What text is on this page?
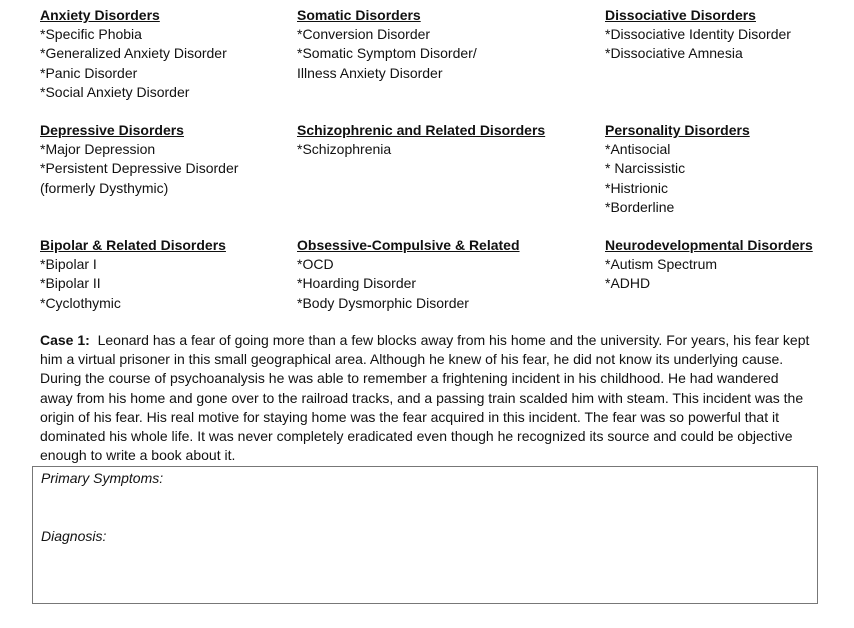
Anxiety Disorders
*Specific Phobia
*Generalized Anxiety Disorder
*Panic Disorder
*Social Anxiety Disorder
Somatic Disorders
*Conversion Disorder
*Somatic Symptom Disorder/
Illness Anxiety Disorder
Dissociative Disorders
*Dissociative Identity Disorder
*Dissociative Amnesia
Depressive Disorders
*Major Depression
*Persistent Depressive Disorder
(formerly Dysthymic)
Schizophrenic and Related Disorders
*Schizophrenia
Personality Disorders
*Antisocial
* Narcissistic
*Histrionic
*Borderline
Bipolar & Related Disorders
*Bipolar I
*Bipolar II
*Cyclothymic
Obsessive-Compulsive & Related
*OCD
*Hoarding Disorder
*Body Dysmorphic Disorder
Neurodevelopmental Disorders
*Autism Spectrum
*ADHD
Case 1: Leonard has a fear of going more than a few blocks away from his home and the university. For years, his fear kept him a virtual prisoner in this small geographical area. Although he knew of his fear, he did not know its underlying cause. During the course of psychoanalysis he was able to remember a frightening incident in his childhood. He had wandered away from his home and gone over to the railroad tracks, and a passing train scalded him with steam. This incident was the origin of his fear. His real motive for staying home was the fear acquired in this incident. The fear was so powerful that it dominated his whole life. It was never completely eradicated even though he recognized its source and could be objective enough to write a book about it.
Primary Symptoms:
Diagnosis:
